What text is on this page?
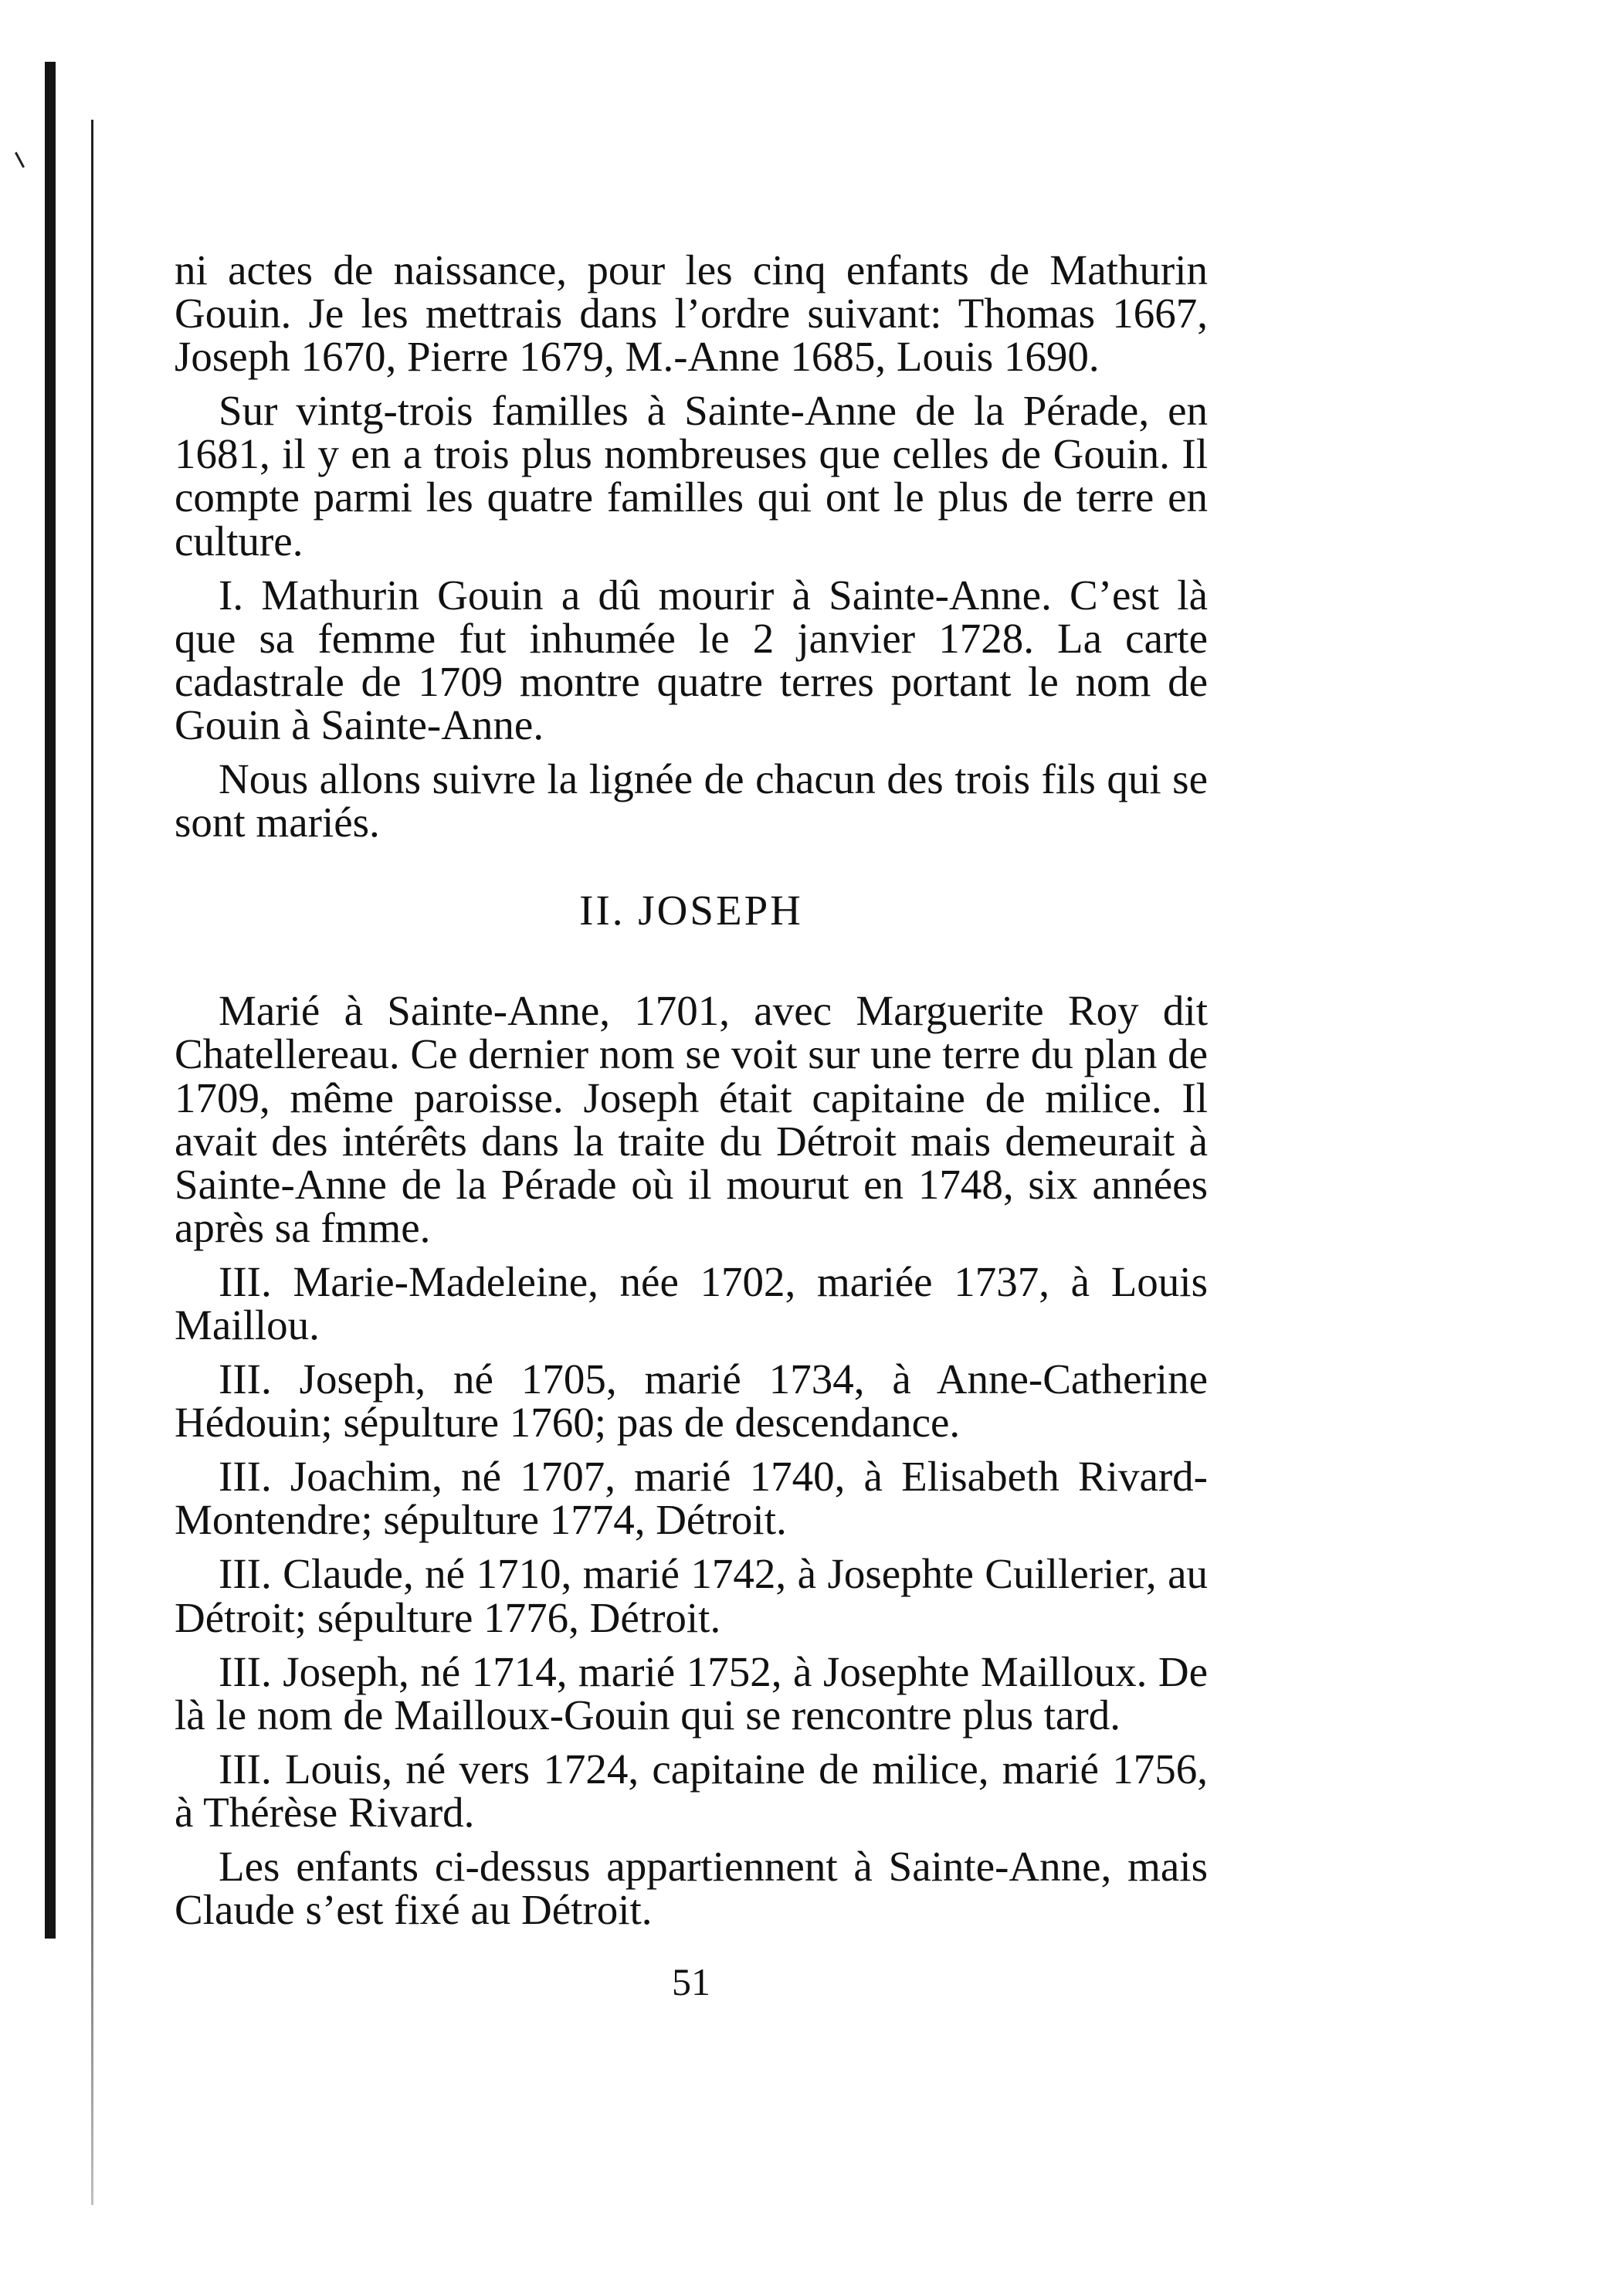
ni actes de naissance, pour les cinq enfants de Mathurin Gouin. Je les mettrais dans l’ordre suivant: Thomas 1667, Joseph 1670, Pierre 1679, M.-Anne 1685, Louis 1690.

Sur vintg-trois familles à Sainte-Anne de la Pérade, en 1681, il y en a trois plus nombreuses que celles de Gouin. Il compte parmi les quatre familles qui ont le plus de terre en culture.

I. Mathurin Gouin a dû mourir à Sainte-Anne. C’est là que sa femme fut inhumée le 2 janvier 1728. La carte cadastrale de 1709 montre quatre terres portant le nom de Gouin à Sainte-Anne.

Nous allons suivre la lignée de chacun des trois fils qui se sont mariés.

II. JOSEPH

Marié à Sainte-Anne, 1701, avec Marguerite Roy dit Chatellereau. Ce dernier nom se voit sur une terre du plan de 1709, même paroisse. Joseph était capitaine de milice. Il avait des intérêts dans la traite du Détroit mais demeurait à Sainte-Anne de la Pérade où il mourut en 1748, six années après sa fmme.

III. Marie-Madeleine, née 1702, mariée 1737, à Louis Maillou.

III. Joseph, né 1705, marié 1734, à Anne-Catherine Hédouin; sépulture 1760; pas de descendance.

III. Joachim, né 1707, marié 1740, à Elisabeth Rivard-Montendre; sépulture 1774, Détroit.

III. Claude, né 1710, marié 1742, à Josephte Cuillerier, au Détroit; sépulture 1776, Détroit.

III. Joseph, né 1714, marié 1752, à Josephte Mailloux. De là le nom de Mailloux-Gouin qui se rencontre plus tard.

III. Louis, né vers 1724, capitaine de milice, marié 1756, à Thérèse Rivard.

Les enfants ci-dessus appartiennent à Sainte-Anne, mais Claude s’est fixé au Détroit.

51
